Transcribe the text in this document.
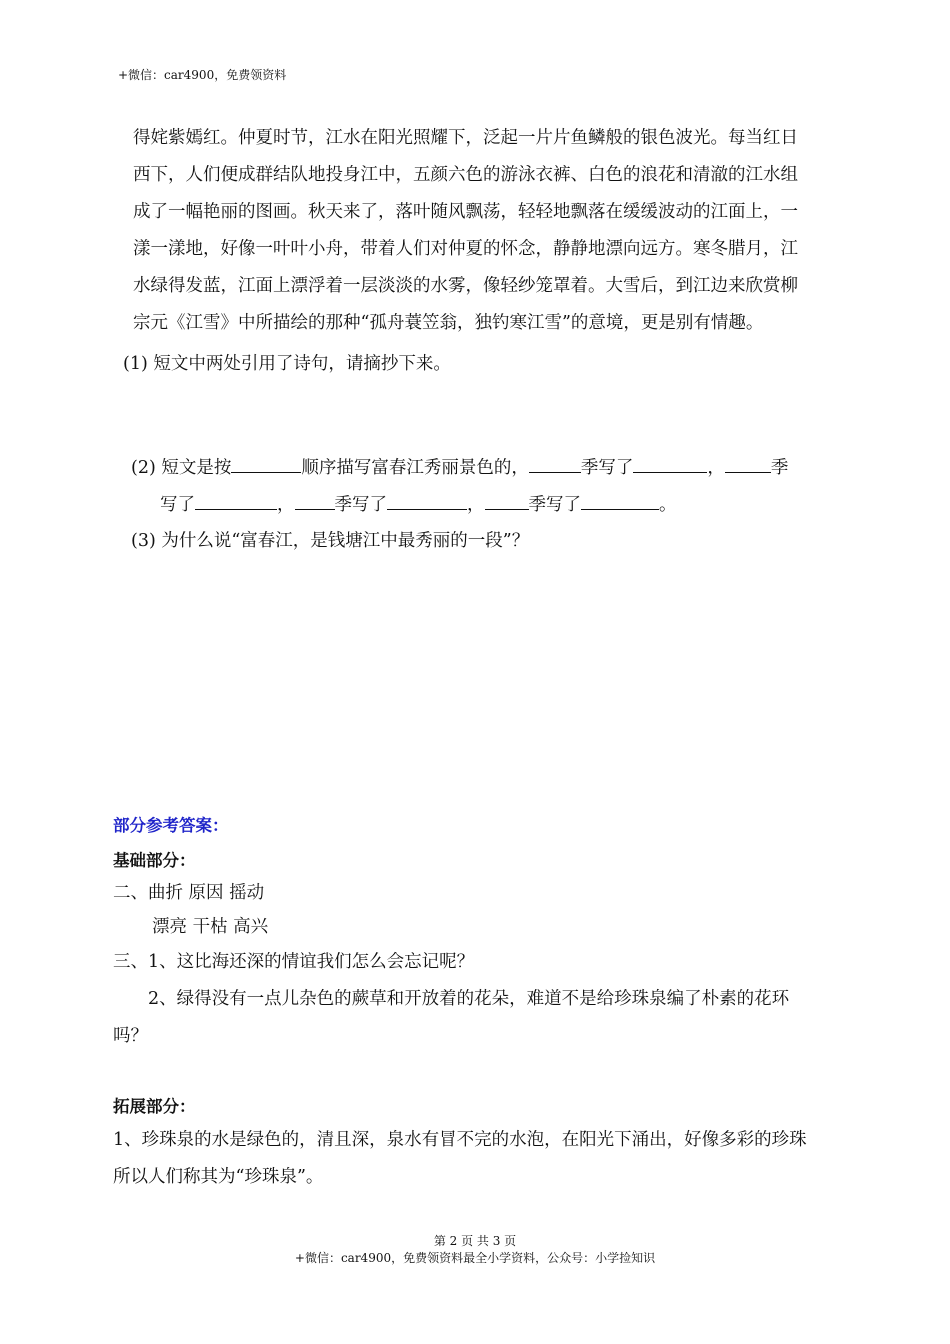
+微信：car4900，免费领资料
得姹紫嫣红。仲夏时节，江水在阳光照耀下，泛起一片片鱼鳞般的银色波光。每当红日
西下，人们便成群结队地投身江中，五颜六色的游泳衣裤、白色的浪花和清澈的江水组
成了一幅艳丽的图画。秋天来了，落叶随风飘荡，轻轻地飘落在缓缓波动的江面上，一
漾一漾地，好像一叶叶小舟，带着人们对仲夏的怀念，静静地漂向远方。寒冬腊月，江
水绿得发蓝，江面上漂浮着一层淡淡的水雾，像轻纱笼罩着。大雪后，到江边来欣赏柳
宗元《江雪》中所描绘的那种“孤舟蓑笠翁，独钓寒江雪”的意境，更是别有情趣。
(1) 短文中两处引用了诗句，请摘抄下来。
(2) 短文是按	顺序描写富春江秀丽景色的，	季写了	，	季
写了	， 季写了	，	季写了	。
(3) 为什么说“富春江，是钱塘江中最秀丽的一段”？
部分参考答案：
基础部分：
二、曲折 原因 摇动
漂亮 干枯 高兴
三、1、这比海还深的情谊我们怎么会忘记呢？
2、绿得没有一点儿杂色的蕨草和开放着的花朵，难道不是给珍珠泉编了朴素的花环
吗？
拓展部分：
1、珍珠泉的水是绿色的，清且深，泉水有冒不完的水泡，在阳光下涌出，好像多彩的珍珠
所以人们称其为“珍珠泉”。
第 2 页 共 3 页
+微信：car4900，免费领资料最全小学资料，公众号：小学捡知识
